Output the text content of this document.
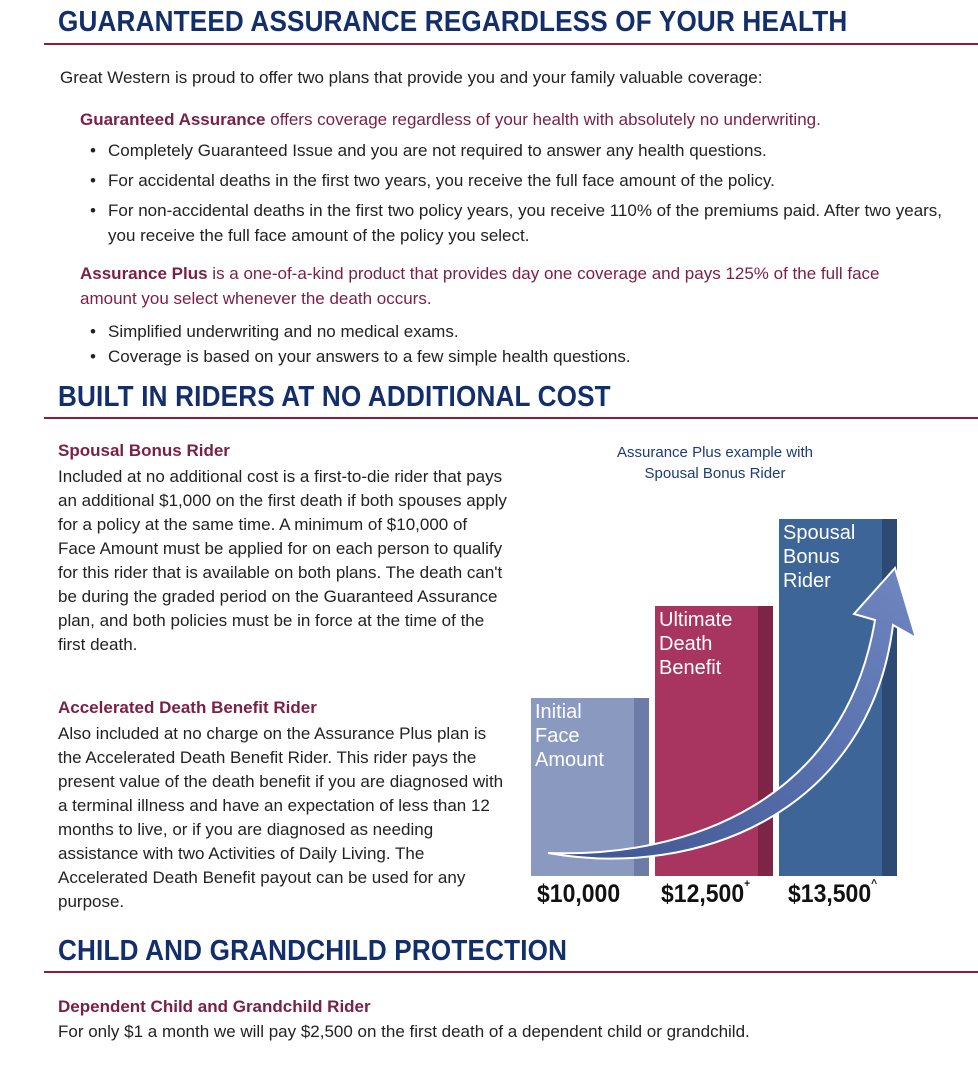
GUARANTEED ASSURANCE REGARDLESS OF YOUR HEALTH

Great Western is proud to offer two plans that provide you and your family valuable coverage:

Guaranteed Assurance offers coverage regardless of your health with absolutely no underwriting.

• Completely Guaranteed Issue and you are not required to answer any health questions.
• For accidental deaths in the first two years, you receive the full face amount of the policy.
• For non-accidental deaths in the first two policy years, you receive 110% of the premiums paid. After two years, you receive the full face amount of the policy you select.

Assurance Plus is a one-of-a-kind product that provides day one coverage and pays 125% of the full face amount you select whenever the death occurs.

• Simplified underwriting and no medical exams.
• Coverage is based on your answers to a few simple health questions.
BUILT IN RIDERS AT NO ADDITIONAL COST
Spousal Bonus Rider

Included at no additional cost is a first-to-die rider that pays an additional $1,000 on the first death if both spouses apply for a policy at the same time. A minimum of $10,000 of Face Amount must be applied for on each person to qualify for this rider that is available on both plans. The death can't be during the graded period on the Guaranteed Assurance plan, and both policies must be in force at the time of the first death.

Accelerated Death Benefit Rider

Also included at no charge on the Assurance Plus plan is the Accelerated Death Benefit Rider. This rider pays the present value of the death benefit if you are diagnosed with a terminal illness and have an expectation of less than 12 months to live, or if you are diagnosed as needing assistance with two Activities of Daily Living. The Accelerated Death Benefit payout can be used for any purpose.

Assurance Plus example with Spousal Bonus Rider
Initial
Face
Amount
$10,000
Ultimate
Death
Benefit
$12,500+
Spousal
Bonus
Rider
$13,500^
CHILD AND GRANDCHILD PROTECTION
Dependent Child and Grandchild Rider

For only $1 a month we will pay $2,500 on the first death of a dependent child or grandchild.
